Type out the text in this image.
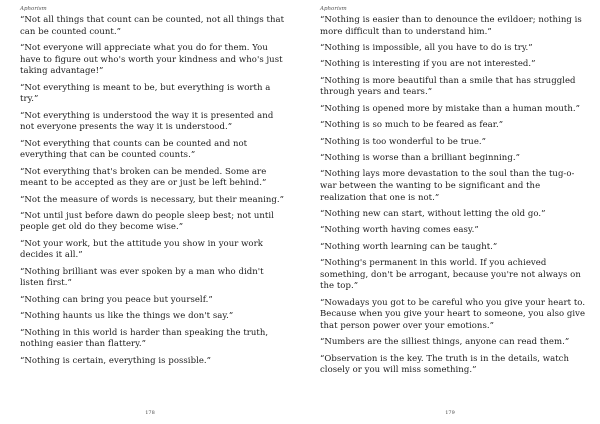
Aphorism
“Not all things that count can be counted, not all things that can be counted count.”
“Not everyone will appreciate what you do for them. You have to figure out who's worth your kindness and who's just taking advantage!”
“Not everything is meant to be, but everything is worth a try.”
“Not everything is understood the way it is presented and not everyone presents the way it is understood.”
“Not everything that counts can be counted and not everything that can be counted counts.”
“Not everything that's broken can be mended. Some are meant to be accepted as they are or just be left behind.”
“Not the measure of words is necessary, but their meaning.”
“Not until just before dawn do people sleep best; not until people get old do they become wise.”
“Not your work, but the attitude you show in your work decides it all.”
“Nothing brilliant was ever spoken by a man who didn't listen first.”
“Nothing can bring you peace but yourself.”
“Nothing haunts us like the things we don't say.”
“Nothing in this world is harder than speaking the truth, nothing easier than flattery.”
“Nothing is certain, everything is possible.”
178
Aphorism
“Nothing is easier than to denounce the evildoer; nothing is more difficult than to understand him.”
“Nothing is impossible, all you have to do is try.”
“Nothing is interesting if you are not interested.”
“Nothing is more beautiful than a smile that has struggled through years and tears.”
“Nothing is opened more by mistake than a human mouth.”
“Nothing is so much to be feared as fear.”
“Nothing is too wonderful to be true.”
“Nothing is worse than a brilliant beginning.”
“Nothing lays more devastation to the soul than the tug-o-war between the wanting to be significant and the realization that one is not.”
“Nothing new can start, without letting the old go.”
“Nothing worth having comes easy.”
“Nothing worth learning can be taught.”
“Nothing's permanent in this world. If you achieved something, don't be arrogant, because you're not always on the top.”
“Nowadays you got to be careful who you give your heart to. Because when you give your heart to someone, you also give that person power over your emotions.”
“Numbers are the silliest things, anyone can read them.”
“Observation is the key. The truth is in the details, watch closely or you will miss something.”
179
